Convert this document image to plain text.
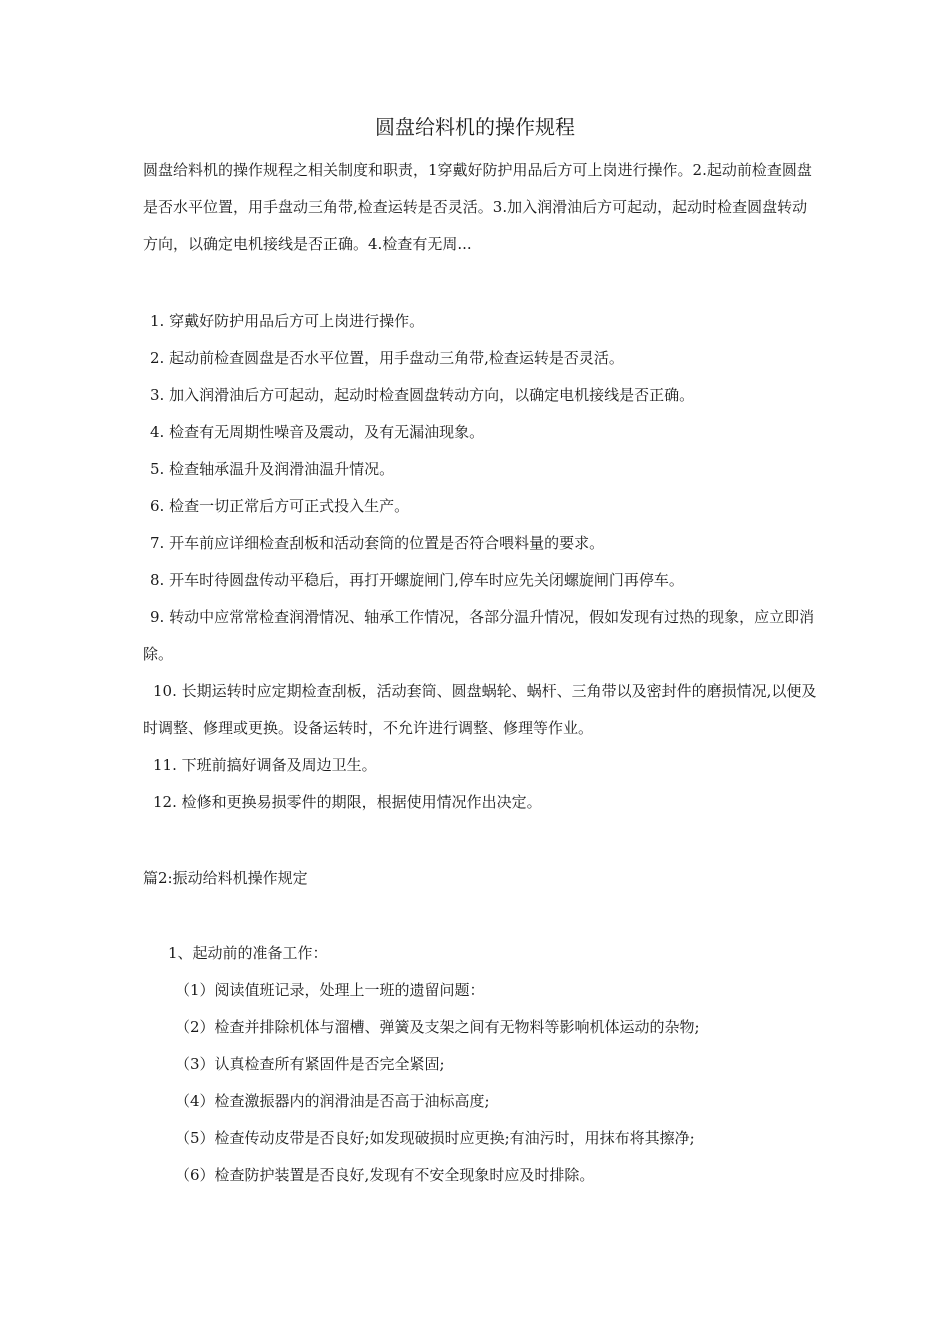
圆盘给料机的操作规程
圆盘给料机的操作规程之相关制度和职责，1穿戴好防护用品后方可上岗进行操作。2.起动前检查圆盘是否水平位置，用手盘动三角带,检查运转是否灵活。3.加入润滑油后方可起动，起动时检查圆盘转动方向，以确定电机接线是否正确。4.检查有无周...
1. 穿戴好防护用品后方可上岗进行操作。
2. 起动前检查圆盘是否水平位置，用手盘动三角带,检查运转是否灵活。
3. 加入润滑油后方可起动，起动时检查圆盘转动方向，以确定电机接线是否正确。
4. 检查有无周期性噪音及震动，及有无漏油现象。
5. 检查轴承温升及润滑油温升情况。
6. 检查一切正常后方可正式投入生产。
7. 开车前应详细检查刮板和活动套筒的位置是否符合喂料量的要求。
8. 开车时待圆盘传动平稳后，再打开螺旋闸门,停车时应先关闭螺旋闸门再停车。
9. 转动中应常常检查润滑情况、轴承工作情况，各部分温升情况，假如发现有过热的现象，应立即消除。
10. 长期运转时应定期检查刮板，活动套筒、圆盘蜗轮、蜗杆、三角带以及密封件的磨损情况,以便及时调整、修理或更换。设备运转时，不允许进行调整、修理等作业。
11. 下班前搞好调备及周边卫生。
12. 检修和更换易损零件的期限，根据使用情况作出决定。
篇2:振动给料机操作规定
1、起动前的准备工作：
（1）阅读值班记录，处理上一班的遗留问题：
（2）检查并排除机体与溜槽、弹簧及支架之间有无物料等影响机体运动的杂物;
（3）认真检查所有紧固件是否完全紧固;
（4）检查激振器内的润滑油是否高于油标高度;
（5）检查传动皮带是否良好;如发现破损时应更换;有油污时，用抹布将其擦净;
（6）检查防护装置是否良好,发现有不安全现象时应及时排除。
